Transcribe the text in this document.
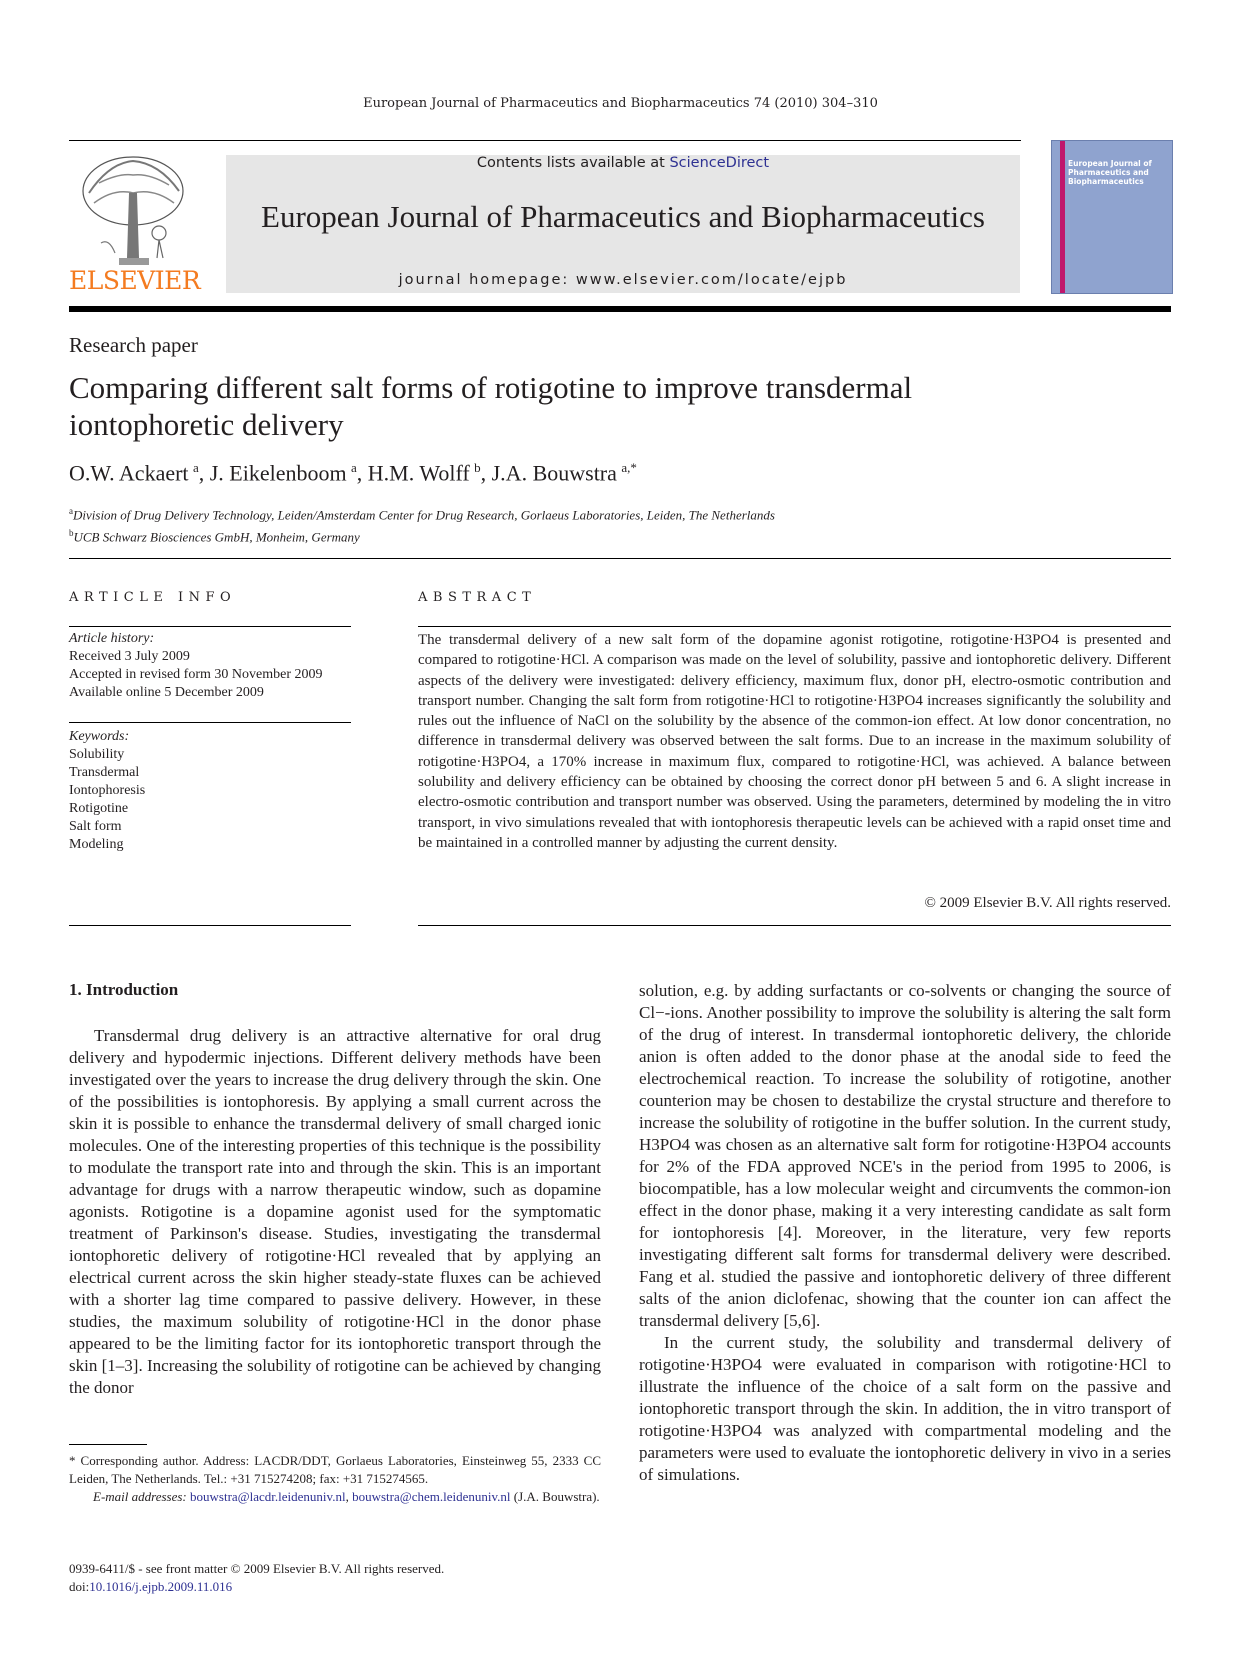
European Journal of Pharmaceutics and Biopharmaceutics 74 (2010) 304–310
ELSEVIER
Contents lists available at ScienceDirect
European Journal of Pharmaceutics and Biopharmaceutics
journal homepage: www.elsevier.com/locate/ejpb
European Journal of Pharmaceutics and Biopharmaceutics
Research paper
Comparing different salt forms of rotigotine to improve transdermal iontophoretic delivery
O.W. Ackaert  $^a$, J. Eikelenboom  $^a$, H.M. Wolff  $^b$, J.A. Bouwstra  $^{a,*}$
$^a$Division of Drug Delivery Technology, Leiden/Amsterdam Center for Drug Research, Gorlaeus Laboratories, Leiden, The Netherlands
$^b$UCB Schwarz Biosciences GmbH, Monheim, Germany
ARTICLE INFO
Article history:
Received 3 July 2009
Accepted in revised form 30 November 2009
Available online 5 December 2009
Keywords:
Solubility
Transdermal
Iontophoresis
Rotigotine
Salt form
Modeling
ABSTRACT
The transdermal delivery of a new salt form of the dopamine agonist rotigotine, rotigotine·H3PO4 is presented and compared to rotigotine·HCl. A comparison was made on the level of solubility, passive and iontophoretic delivery. Different aspects of the delivery were investigated: delivery efficiency, maximum flux, donor pH, electro-osmotic contribution and transport number. Changing the salt form from rotigotine·HCl to rotigotine·H3PO4 increases significantly the solubility and rules out the influence of NaCl on the solubility by the absence of the common-ion effect. At low donor concentration, no difference in transdermal delivery was observed between the salt forms. Due to an increase in the maximum solubility of rotigotine·H3PO4, a 170% increase in maximum flux, compared to rotigotine·HCl, was achieved. A balance between solubility and delivery efficiency can be obtained by choosing the correct donor pH between 5 and 6. A slight increase in electro-osmotic contribution and transport number was observed. Using the parameters, determined by modeling the in vitro transport, in vivo simulations revealed that with iontophoresis therapeutic levels can be achieved with a rapid onset time and be maintained in a controlled manner by adjusting the current density.
© 2009 Elsevier B.V. All rights reserved.
1. Introduction

Transdermal drug delivery is an attractive alternative for oral drug delivery and hypodermic injections. Different delivery methods have been investigated over the years to increase the drug delivery through the skin. One of the possibilities is iontophoresis. By applying a small current across the skin it is possible to enhance the transdermal delivery of small charged ionic molecules. One of the interesting properties of this technique is the possibility to modulate the transport rate into and through the skin. This is an important advantage for drugs with a narrow therapeutic window, such as dopamine agonists. Rotigotine is a dopamine agonist used for the symptomatic treatment of Parkinson's disease. Studies, investigating the transdermal iontophoretic delivery of rotigotine·HCl revealed that by applying an electrical current across the skin higher steady-state fluxes can be achieved with a shorter lag time compared to passive delivery. However, in these studies, the maximum solubility of rotigotine·HCl in the donor phase appeared to be the limiting factor for its iontophoretic transport through the skin [1–3]. Increasing the solubility of rotigotine can be achieved by changing the donor

solution, e.g. by adding surfactants or co-solvents or changing the source of Cl−-ions. Another possibility to improve the solubility is altering the salt form of the drug of interest. In transdermal iontophoretic delivery, the chloride anion is often added to the donor phase at the anodal side to feed the electrochemical reaction. To increase the solubility of rotigotine, another counterion may be chosen to destabilize the crystal structure and therefore to increase the solubility of rotigotine in the buffer solution. In the current study, H3PO4 was chosen as an alternative salt form for rotigotine·H3PO4 accounts for 2% of the FDA approved NCE's in the period from 1995 to 2006, is biocompatible, has a low molecular weight and circumvents the common-ion effect in the donor phase, making it a very interesting candidate as salt form for iontophoresis [4]. Moreover, in the literature, very few reports investigating different salt forms for transdermal delivery were described. Fang et al. studied the passive and iontophoretic delivery of three different salts of the anion diclofenac, showing that the counter ion can affect the transdermal delivery [5,6].

In the current study, the solubility and transdermal delivery of rotigotine·H3PO4 were evaluated in comparison with rotigotine·HCl to illustrate the influence of the choice of a salt form on the passive and iontophoretic transport through the skin. In addition, the in vitro transport of rotigotine·H3PO4 was analyzed with compartmental modeling and the parameters were used to evaluate the iontophoretic delivery in vivo in a series of simulations.

* Corresponding author. Address: LACDR/DDT, Gorlaeus Laboratories, Einsteinweg 55, 2333 CC Leiden, The Netherlands. Tel.: +31 715274208; fax: +31 715274565.
E-mail addresses: bouwstra@lacdr.leidenuniv.nl, bouwstra@chem.leidenuniv.nl (J.A. Bouwstra).
0939-6411/$ - see front matter © 2009 Elsevier B.V. All rights reserved.
doi:10.1016/j.ejpb.2009.11.016
